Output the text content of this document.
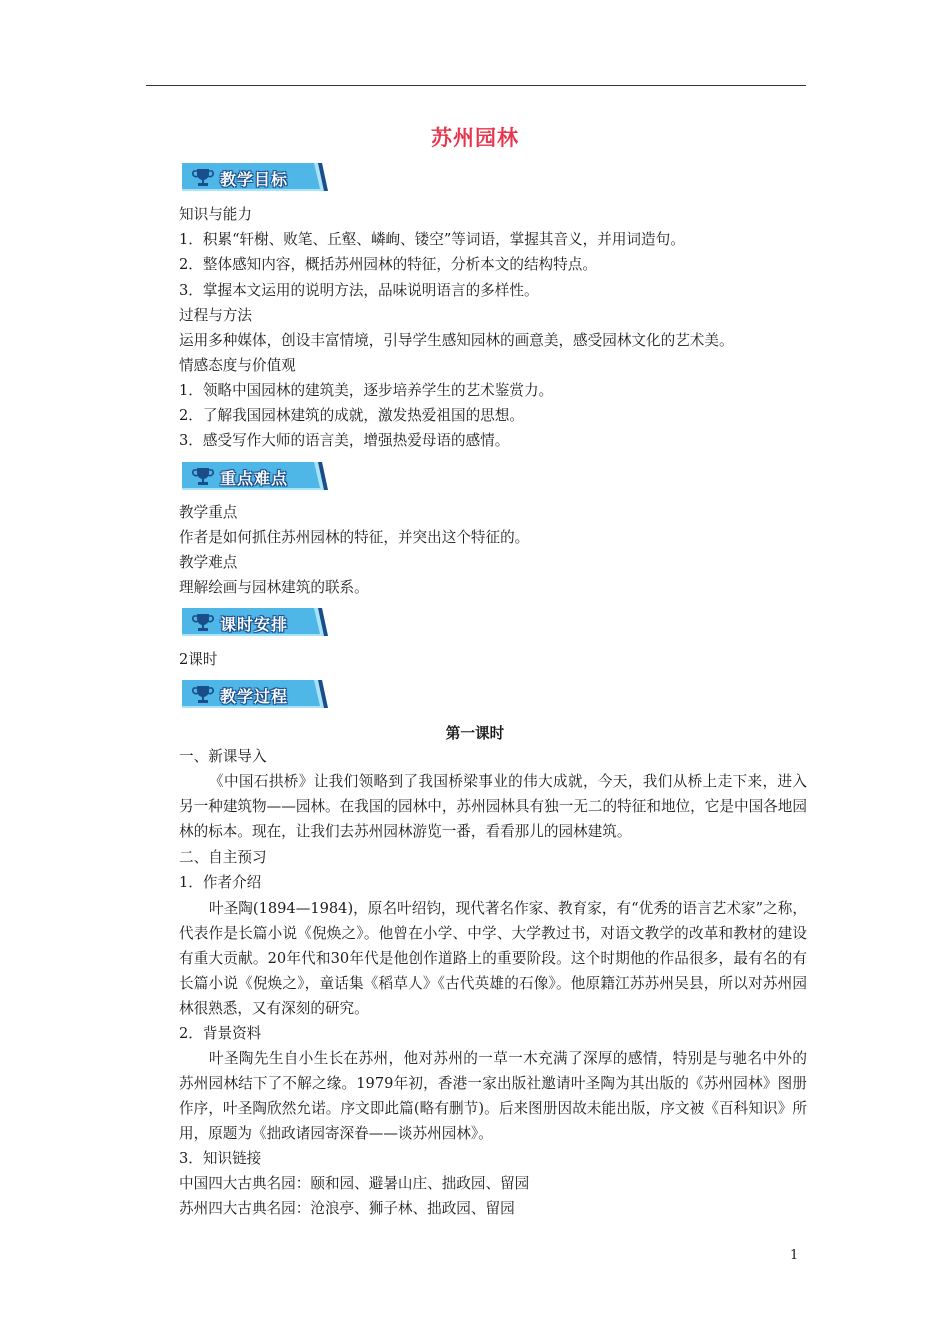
苏州园林
教学目标
知识与能力
1．积累“轩榭、败笔、丘壑、嶙峋、镂空”等词语，掌握其音义，并用词造句。
2．整体感知内容，概括苏州园林的特征，分析本文的结构特点。
3．掌握本文运用的说明方法，品味说明语言的多样性。
过程与方法
运用多种媒体，创设丰富情境，引导学生感知园林的画意美，感受园林文化的艺术美。
情感态度与价值观
1．领略中国园林的建筑美，逐步培养学生的艺术鉴赏力。
2．了解我国园林建筑的成就，激发热爱祖国的思想。
3．感受写作大师的语言美，增强热爱母语的感情。
重点难点
教学重点
作者是如何抓住苏州园林的特征，并突出这个特征的。
教学难点
理解绘画与园林建筑的联系。
课时安排
2课时
教学过程
第一课时
一、新课导入
《中国石拱桥》让我们领略到了我国桥梁事业的伟大成就，今天，我们从桥上走下来，进入另一种建筑物——园林。在我国的园林中，苏州园林具有独一无二的特征和地位，它是中国各地园林的标本。现在，让我们去苏州园林游览一番，看看那儿的园林建筑。
二、自主预习
1．作者介绍
叶圣陶(1894—1984)，原名叶绍钧，现代著名作家、教育家，有“优秀的语言艺术家”之称，代表作是长篇小说《倪焕之》。他曾在小学、中学、大学教过书，对语文教学的改革和教材的建设有重大贡献。20年代和30年代是他创作道路上的重要阶段。这个时期他的作品很多，最有名的有长篇小说《倪焕之》，童话集《稻草人》《古代英雄的石像》。他原籍江苏苏州吴县，所以对苏州园林很熟悉，又有深刻的研究。
2．背景资料
叶圣陶先生自小生长在苏州，他对苏州的一草一木充满了深厚的感情，特别是与驰名中外的苏州园林结下了不解之缘。1979年初，香港一家出版社邀请叶圣陶为其出版的《苏州园林》图册作序，叶圣陶欣然允诺。序文即此篇(略有删节)。后来图册因故未能出版，序文被《百科知识》所用，原题为《拙政诸园寄深眷——谈苏州园林》。
3．知识链接
中国四大古典名园：颐和园、避暑山庄、拙政园、留园
苏州四大古典名园：沧浪亭、狮子林、拙政园、留园
1
